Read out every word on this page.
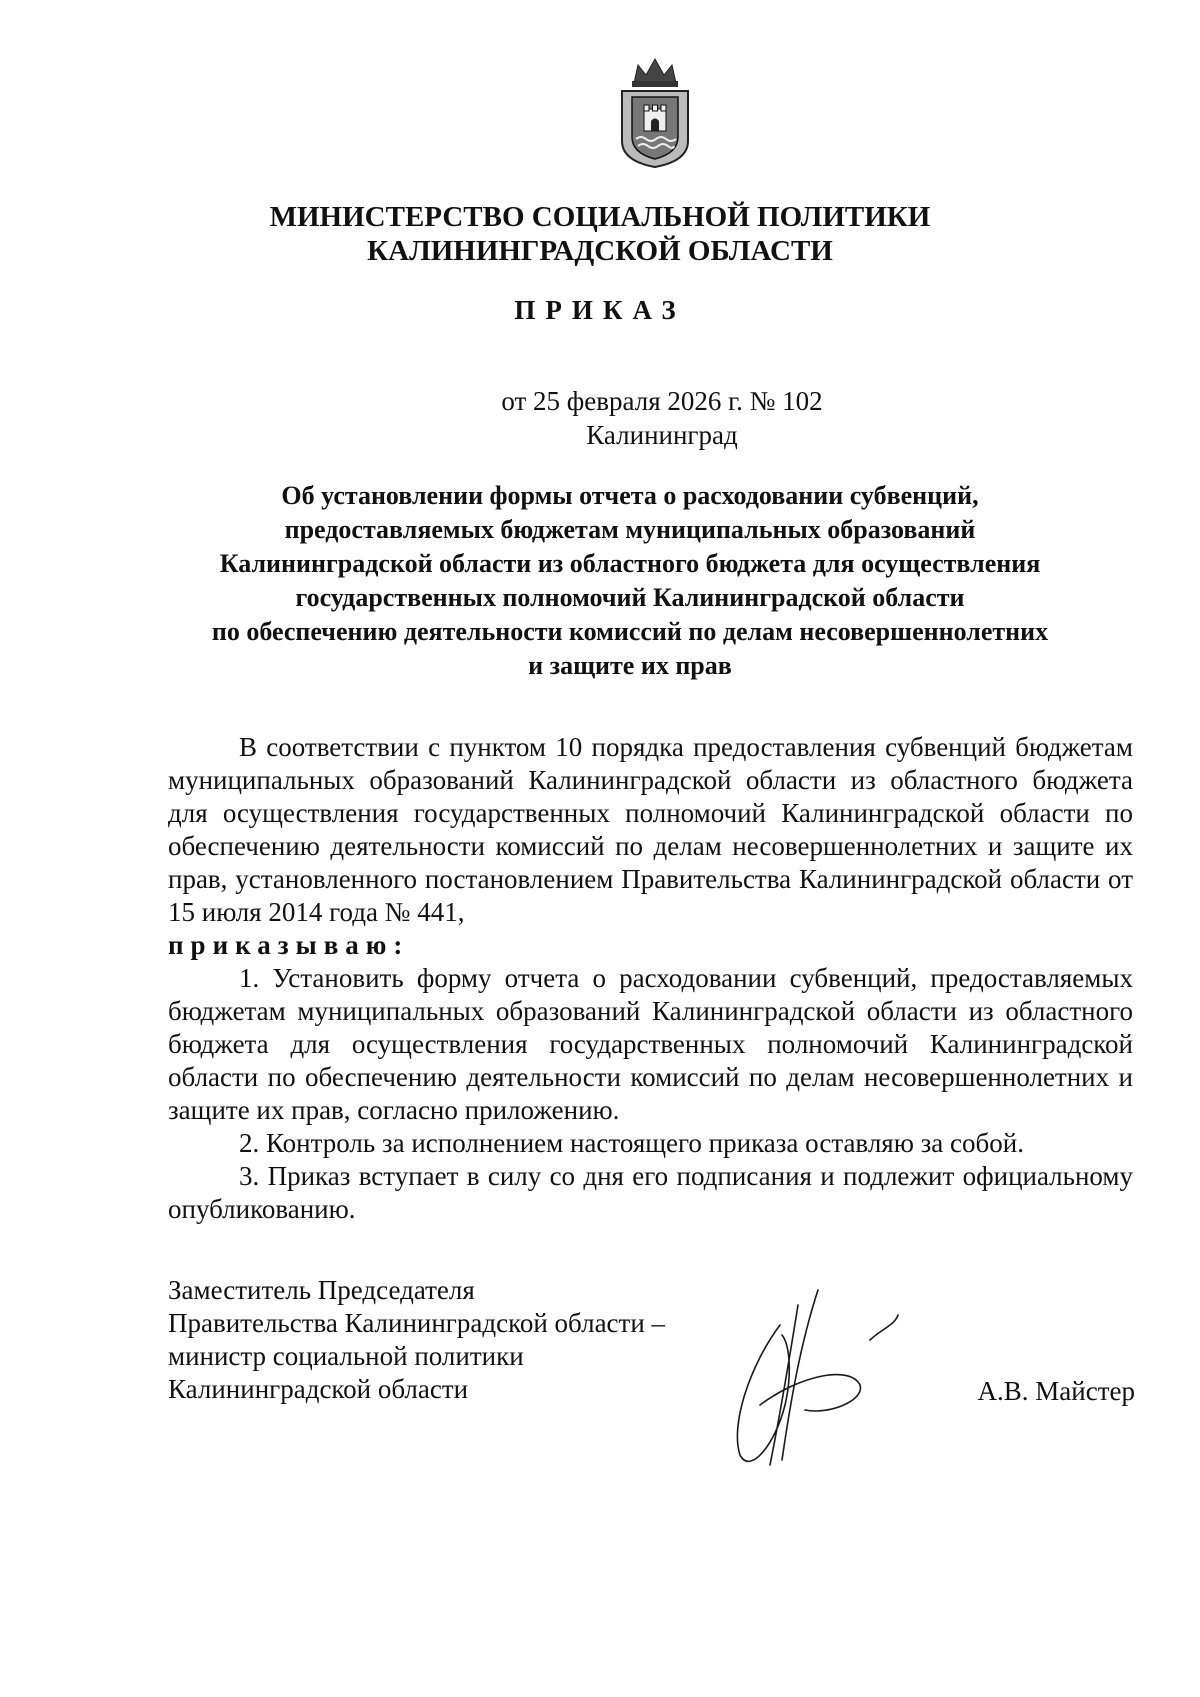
МИНИСТЕРСТВО СОЦИАЛЬНОЙ ПОЛИТИКИ
КАЛИНИНГРАДСКОЙ ОБЛАСТИ
ПРИКАЗ
от 25 февраля 2026 г. № 102
Калининград
Об установлении формы отчета о расходовании субвенций,
предоставляемых бюджетам муниципальных образований
Калининградской области из областного бюджета для осуществления
государственных полномочий Калининградской области
по обеспечению деятельности комиссий по делам несовершеннолетних
и защите их прав

В соответствии с пунктом 10 порядка предоставления субвенций бюджетам муниципальных образований Калининградской области из областного бюджета для осуществления государственных полномочий Калининградской области по обеспечению деятельности комиссий по делам несовершеннолетних и защите их прав, установленного постановлением Правительства Калининградской области от 15 июля 2014 года № 441,

приказываю:

1. Установить форму отчета о расходовании субвенций, предоставляемых бюджетам муниципальных образований Калининградской области из областного бюджета для осуществления государственных полномочий Калининградской области по обеспечению деятельности комиссий по делам несовершеннолетних и защите их прав, согласно приложению.

2. Контроль за исполнением настоящего приказа оставляю за собой.

3. Приказ вступает в силу со дня его подписания и подлежит официальному опубликованию.

Заместитель Председателя
Правительства Калининградской области –
министр социальной политики
Калининградской области	А.В. Майстер
